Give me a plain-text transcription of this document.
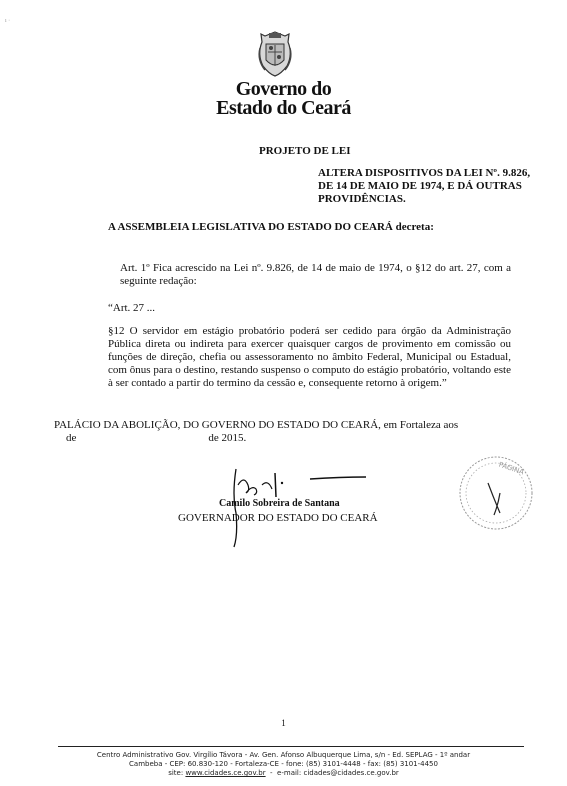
ı ·
Governo do
Estado do Ceará
PROJETO DE LEI
ALTERA DISPOSITIVOS DA LEI Nº. 9.826, DE 14 DE MAIO DE 1974, E DÁ OUTRAS PROVIDÊNCIAS.
A ASSEMBLEIA LEGISLATIVA DO ESTADO DO CEARÁ decreta:
Art. 1º Fica acrescido na Lei nº. 9.826, de 14 de maio de 1974, o §12 do art. 27, com a seguinte redação:
“Art. 27 ...
§12 O servidor em estágio probatório poderá ser cedido para órgão da Administração Pública direta ou indireta para exercer quaisquer cargos de provimento em comissão ou funções de direção, chefia ou assessoramento no âmbito Federal, Municipal ou Estadual, com ônus para o destino, restando suspenso o computo do estágio probatório, voltando este à ser contado a partir do termino da cessão e, consequente retorno à origem.”
PALÁCIO DA ABOLIÇÃO, DO GOVERNO DO ESTADO DO CEARÁ, em Fortaleza aos
de	de 2015.
Camilo Sobreira de Santana
GOVERNADOR DO ESTADO DO CEARÁ
PÁGINA
1
Centro Administrativo Gov. Virgílio Távora - Av. Gen. Afonso Albuquerque Lima, s/n - Ed. SEPLAG - 1º andar
Cambeba - CEP: 60.830-120 - Fortaleza-CE - fone: (85) 3101-4448 - fax: (85) 3101-4450
site: www.cidades.ce.gov.br  -  e-mail: cidades@cidades.ce.gov.br
